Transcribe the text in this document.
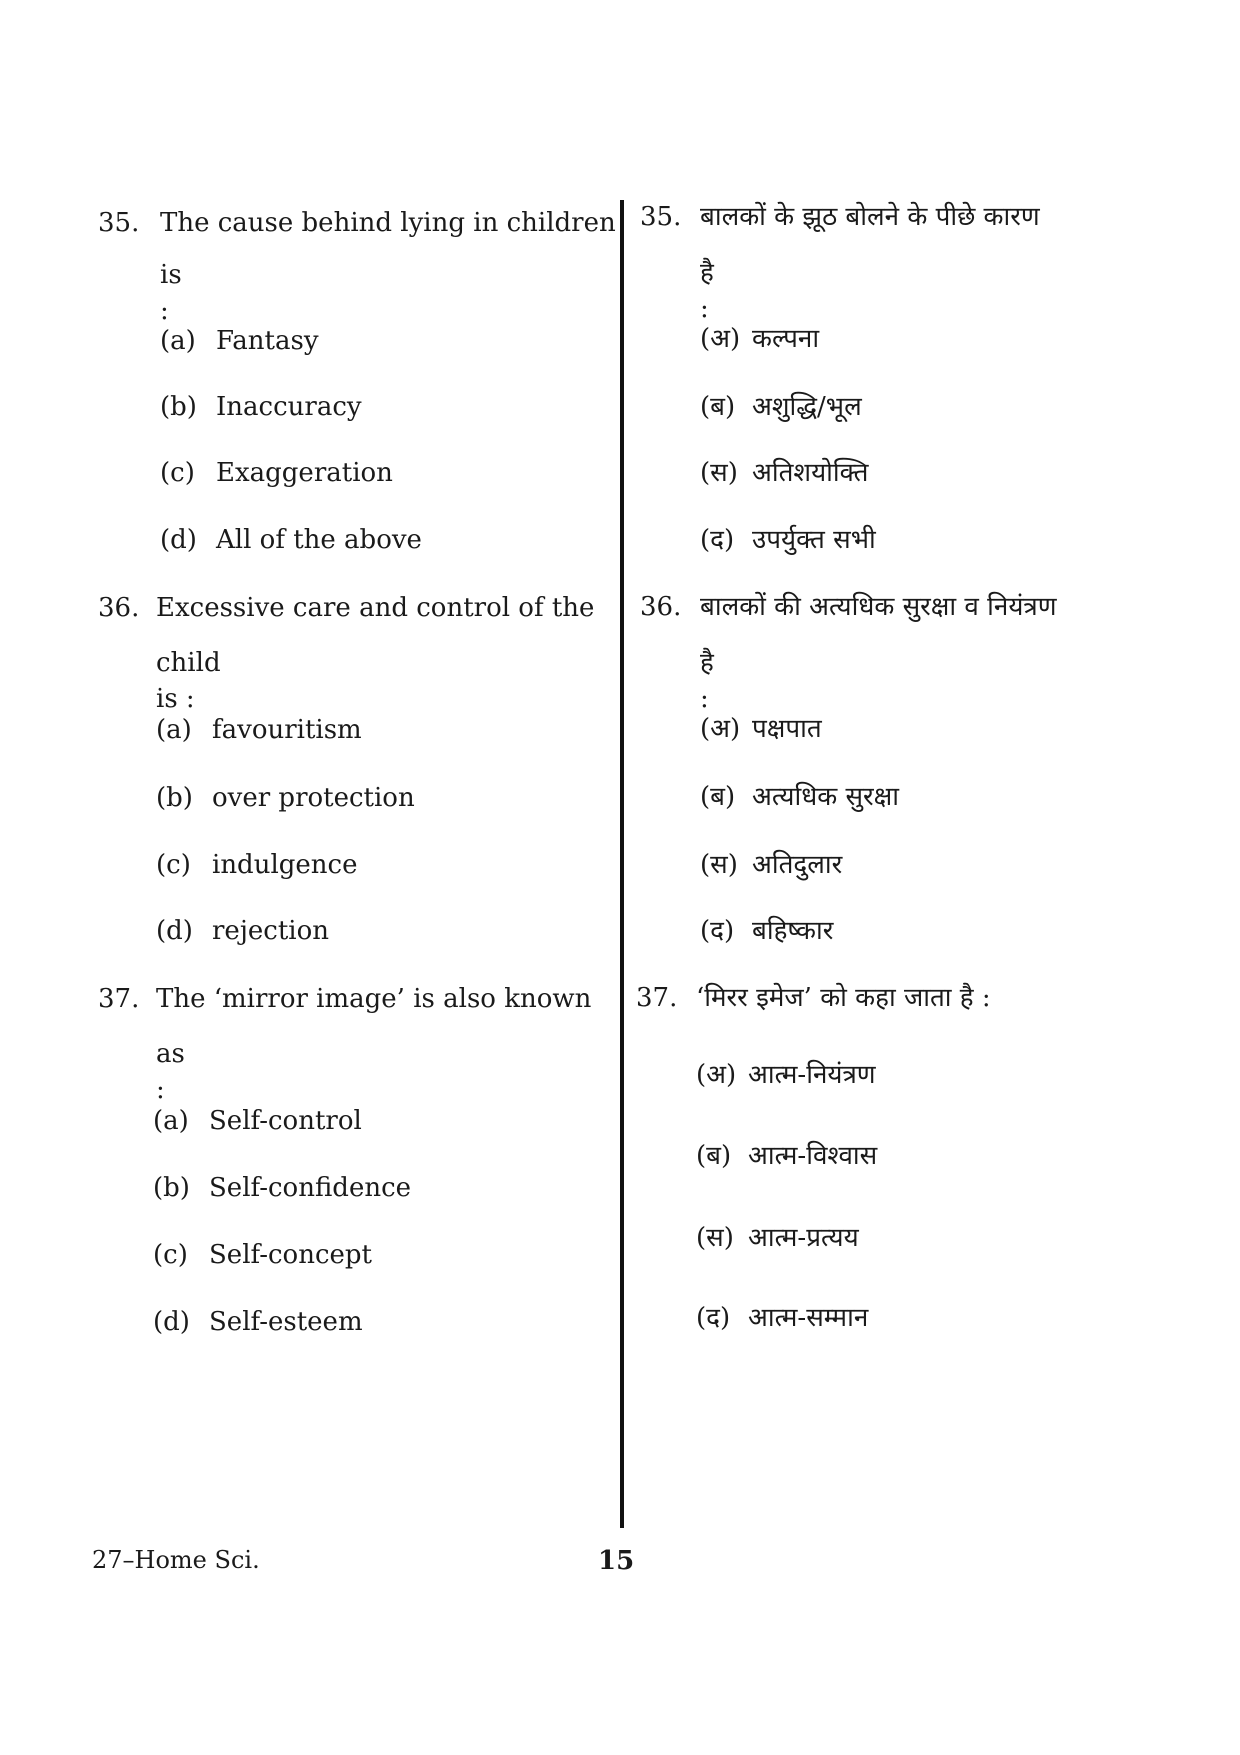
35. The cause behind lying in children
is :
(a) Fantasy
(b) Inaccuracy
(c) Exaggeration
(d) All of the above
36. Excessive care and control of the
child is :
(a) favouritism
(b) over protection
(c) indulgence
(d) rejection
37. The ‘mirror image’ is also known
as :
(a) Self-control
(b) Self-confidence
(c) Self-concept
(d) Self-esteem
35. बालकों के झूठ बोलने के पीछे कारण
है :
(अ) कल्पना
(ब) अशुद्धि/भूल
(स) अतिशयोक्ति
(द) उपर्युक्त सभी
36. बालकों की अत्यधिक सुरक्षा व नियंत्रण
है :
(अ) पक्षपात
(ब) अत्यधिक सुरक्षा
(स) अतिदुलार
(द) बहिष्कार
37. ‘मिरर इमेज’ को कहा जाता है :
(अ) आत्म-नियंत्रण
(ब) आत्म-विश्वास
(स) आत्म-प्रत्यय
(द) आत्म-सम्मान
27–Home Sci.	15
